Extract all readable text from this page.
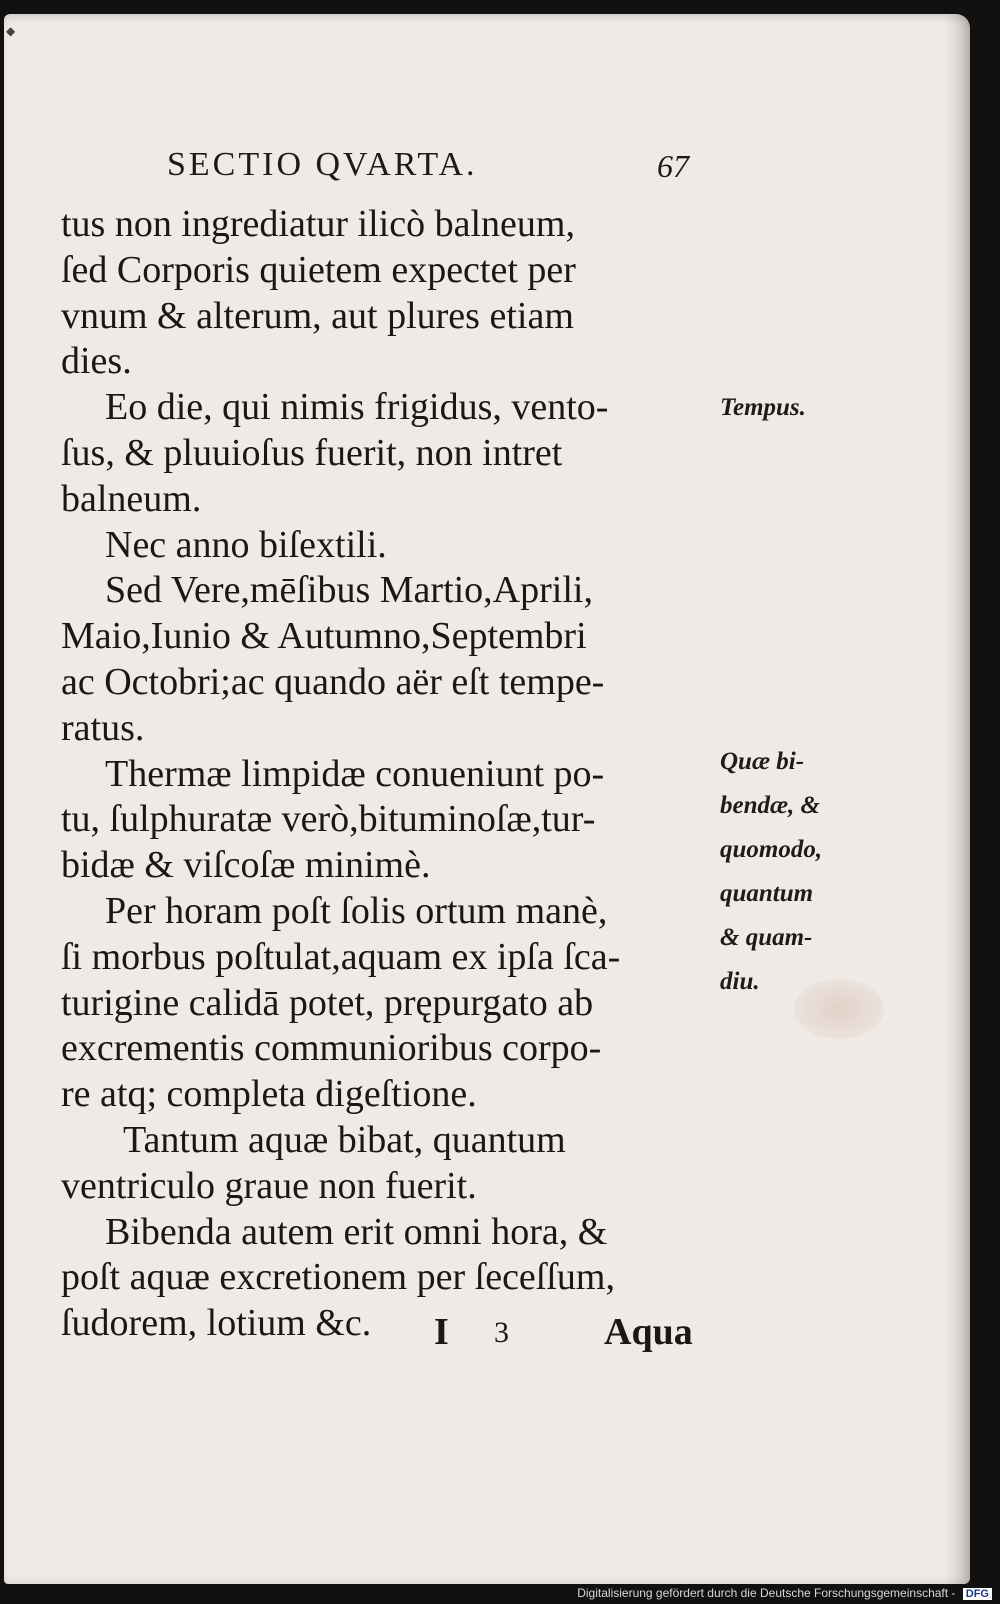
SECTIO QVARTA.	67
tus non ingrediatur ilicò balneum,
ſed Corporis quietem expectet per
vnum & alterum, aut plures etiam
dies.
Eo die, qui nimis frigidus, vento-
ſus, & pluuioſus fuerit, non intret
balneum.
Nec anno biſextili.
Sed Vere,mēſibus Martio,Aprili,
Maio,Iunio & Autumno,Septembri
ac Octobri;ac quando aër eſt tempe-
ratus.
Thermæ limpidæ conueniunt po-
tu, ſulphuratæ verò,bituminoſæ,tur-
bidæ & viſcoſæ minimè.
Per horam poſt ſolis ortum manè,
ſi morbus poſtulat,aquam ex ipſa ſca-
turigine calidā potet, prępurgato ab
excrementis communioribus corpo-
re atq; completa digeſtione.
Tantum aquæ bibat, quantum
ventriculo graue non fuerit.
Bibenda autem erit omni hora, &
poſt aquæ excretionem per ſeceſſum,
ſudorem, lotium &c.
Tempus.
Quæ bi-
bendæ, &
quomodo,
quantum
& quam-
diu.
I 3	Aqua
◆
Digitalisierung gefördert durch die Deutsche Forschungsgemeinschaft - DFG
